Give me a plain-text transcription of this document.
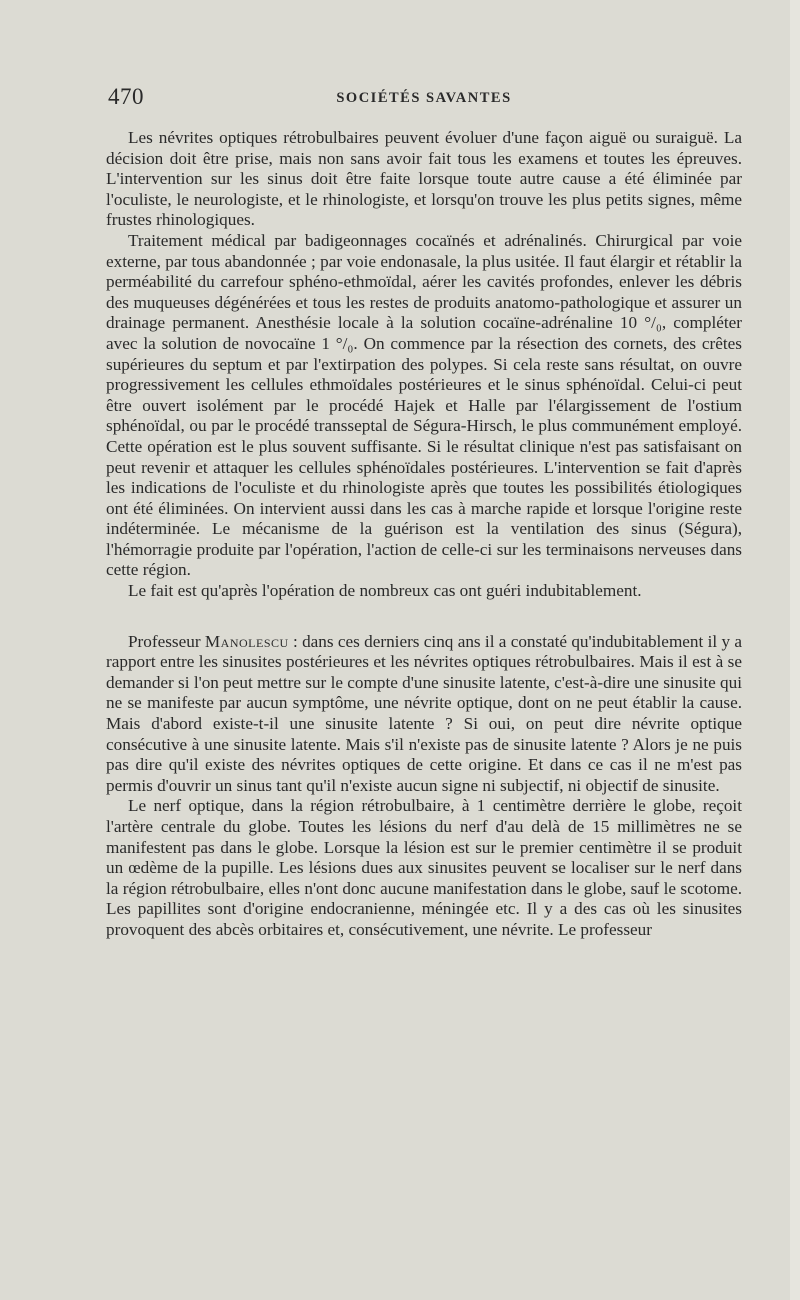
470	SOCIÉTÉS SAVANTES

Les névrites optiques rétrobulbaires peuvent évoluer d'une façon aiguë ou suraiguë. La décision doit être prise, mais non sans avoir fait tous les examens et toutes les épreuves. L'intervention sur les sinus doit être faite lorsque toute autre cause a été éliminée par l'oculiste, le neurologiste, et le rhinologiste, et lorsqu'on trouve les plus petits signes, même frustes rhinologiques.

Traitement médical par badigeonnages cocaïnés et adrénalinés. Chirurgical par voie externe, par tous abandonnée ; par voie endonasale, la plus usitée. Il faut élargir et rétablir la perméabilité du carrefour sphéno-ethmoïdal, aérer les cavités profondes, enlever les débris des muqueuses dégénérées et tous les restes de produits anatomo-pathologique et assurer un drainage permanent. Anesthésie locale à la solution cocaïne-adrénaline 10 °/₀, compléter avec la solution de novocaïne 1 °/₀. On commence par la résection des cornets, des crêtes supérieures du septum et par l'extirpation des polypes. Si cela reste sans résultat, on ouvre progressivement les cellules ethmoïdales postérieures et le sinus sphénoïdal. Celui-ci peut être ouvert isolément par le procédé Hajek et Halle par l'élargissement de l'ostium sphénoïdal, ou par le procédé transseptal de Ségura-Hirsch, le plus communément employé. Cette opération est le plus souvent suffisante. Si le résultat clinique n'est pas satisfaisant on peut revenir et attaquer les cellules sphénoïdales postérieures. L'intervention se fait d'après les indications de l'oculiste et du rhinologiste après que toutes les possibilités étiologiques ont été éliminées. On intervient aussi dans les cas à marche rapide et lorsque l'origine reste indéterminée. Le mécanisme de la guérison est la ventilation des sinus (Ségura), l'hémorragie produite par l'opération, l'action de celle-ci sur les terminaisons nerveuses dans cette région.

Le fait est qu'après l'opération de nombreux cas ont guéri indubitablement.

Professeur Manolescu : dans ces derniers cinq ans il a constaté qu'indubitablement il y a rapport entre les sinusites postérieures et les névrites optiques rétrobulbaires. Mais il est à se demander si l'on peut mettre sur le compte d'une sinusite latente, c'est-à-dire une sinusite qui ne se manifeste par aucun symptôme, une névrite optique, dont on ne peut établir la cause. Mais d'abord existe-t-il une sinusite latente ? Si oui, on peut dire névrite optique consécutive à une sinusite latente. Mais s'il n'existe pas de sinusite latente ? Alors je ne puis pas dire qu'il existe des névrites optiques de cette origine. Et dans ce cas il ne m'est pas permis d'ouvrir un sinus tant qu'il n'existe aucun signe ni subjectif, ni objectif de sinusite.

Le nerf optique, dans la région rétrobulbaire, à 1 centimètre derrière le globe, reçoit l'artère centrale du globe. Toutes les lésions du nerf d'au delà de 15 millimètres ne se manifestent pas dans le globe. Lorsque la lésion est sur le premier centimètre il se produit un œdème de la pupille. Les lésions dues aux sinusites peuvent se localiser sur le nerf dans la région rétrobulbaire, elles n'ont donc aucune manifestation dans le globe, sauf le scotome. Les papillites sont d'origine endocranienne, méningée etc. Il y a des cas où les sinusites provoquent des abcès orbitaires et, consécutivement, une névrite. Le professeur
